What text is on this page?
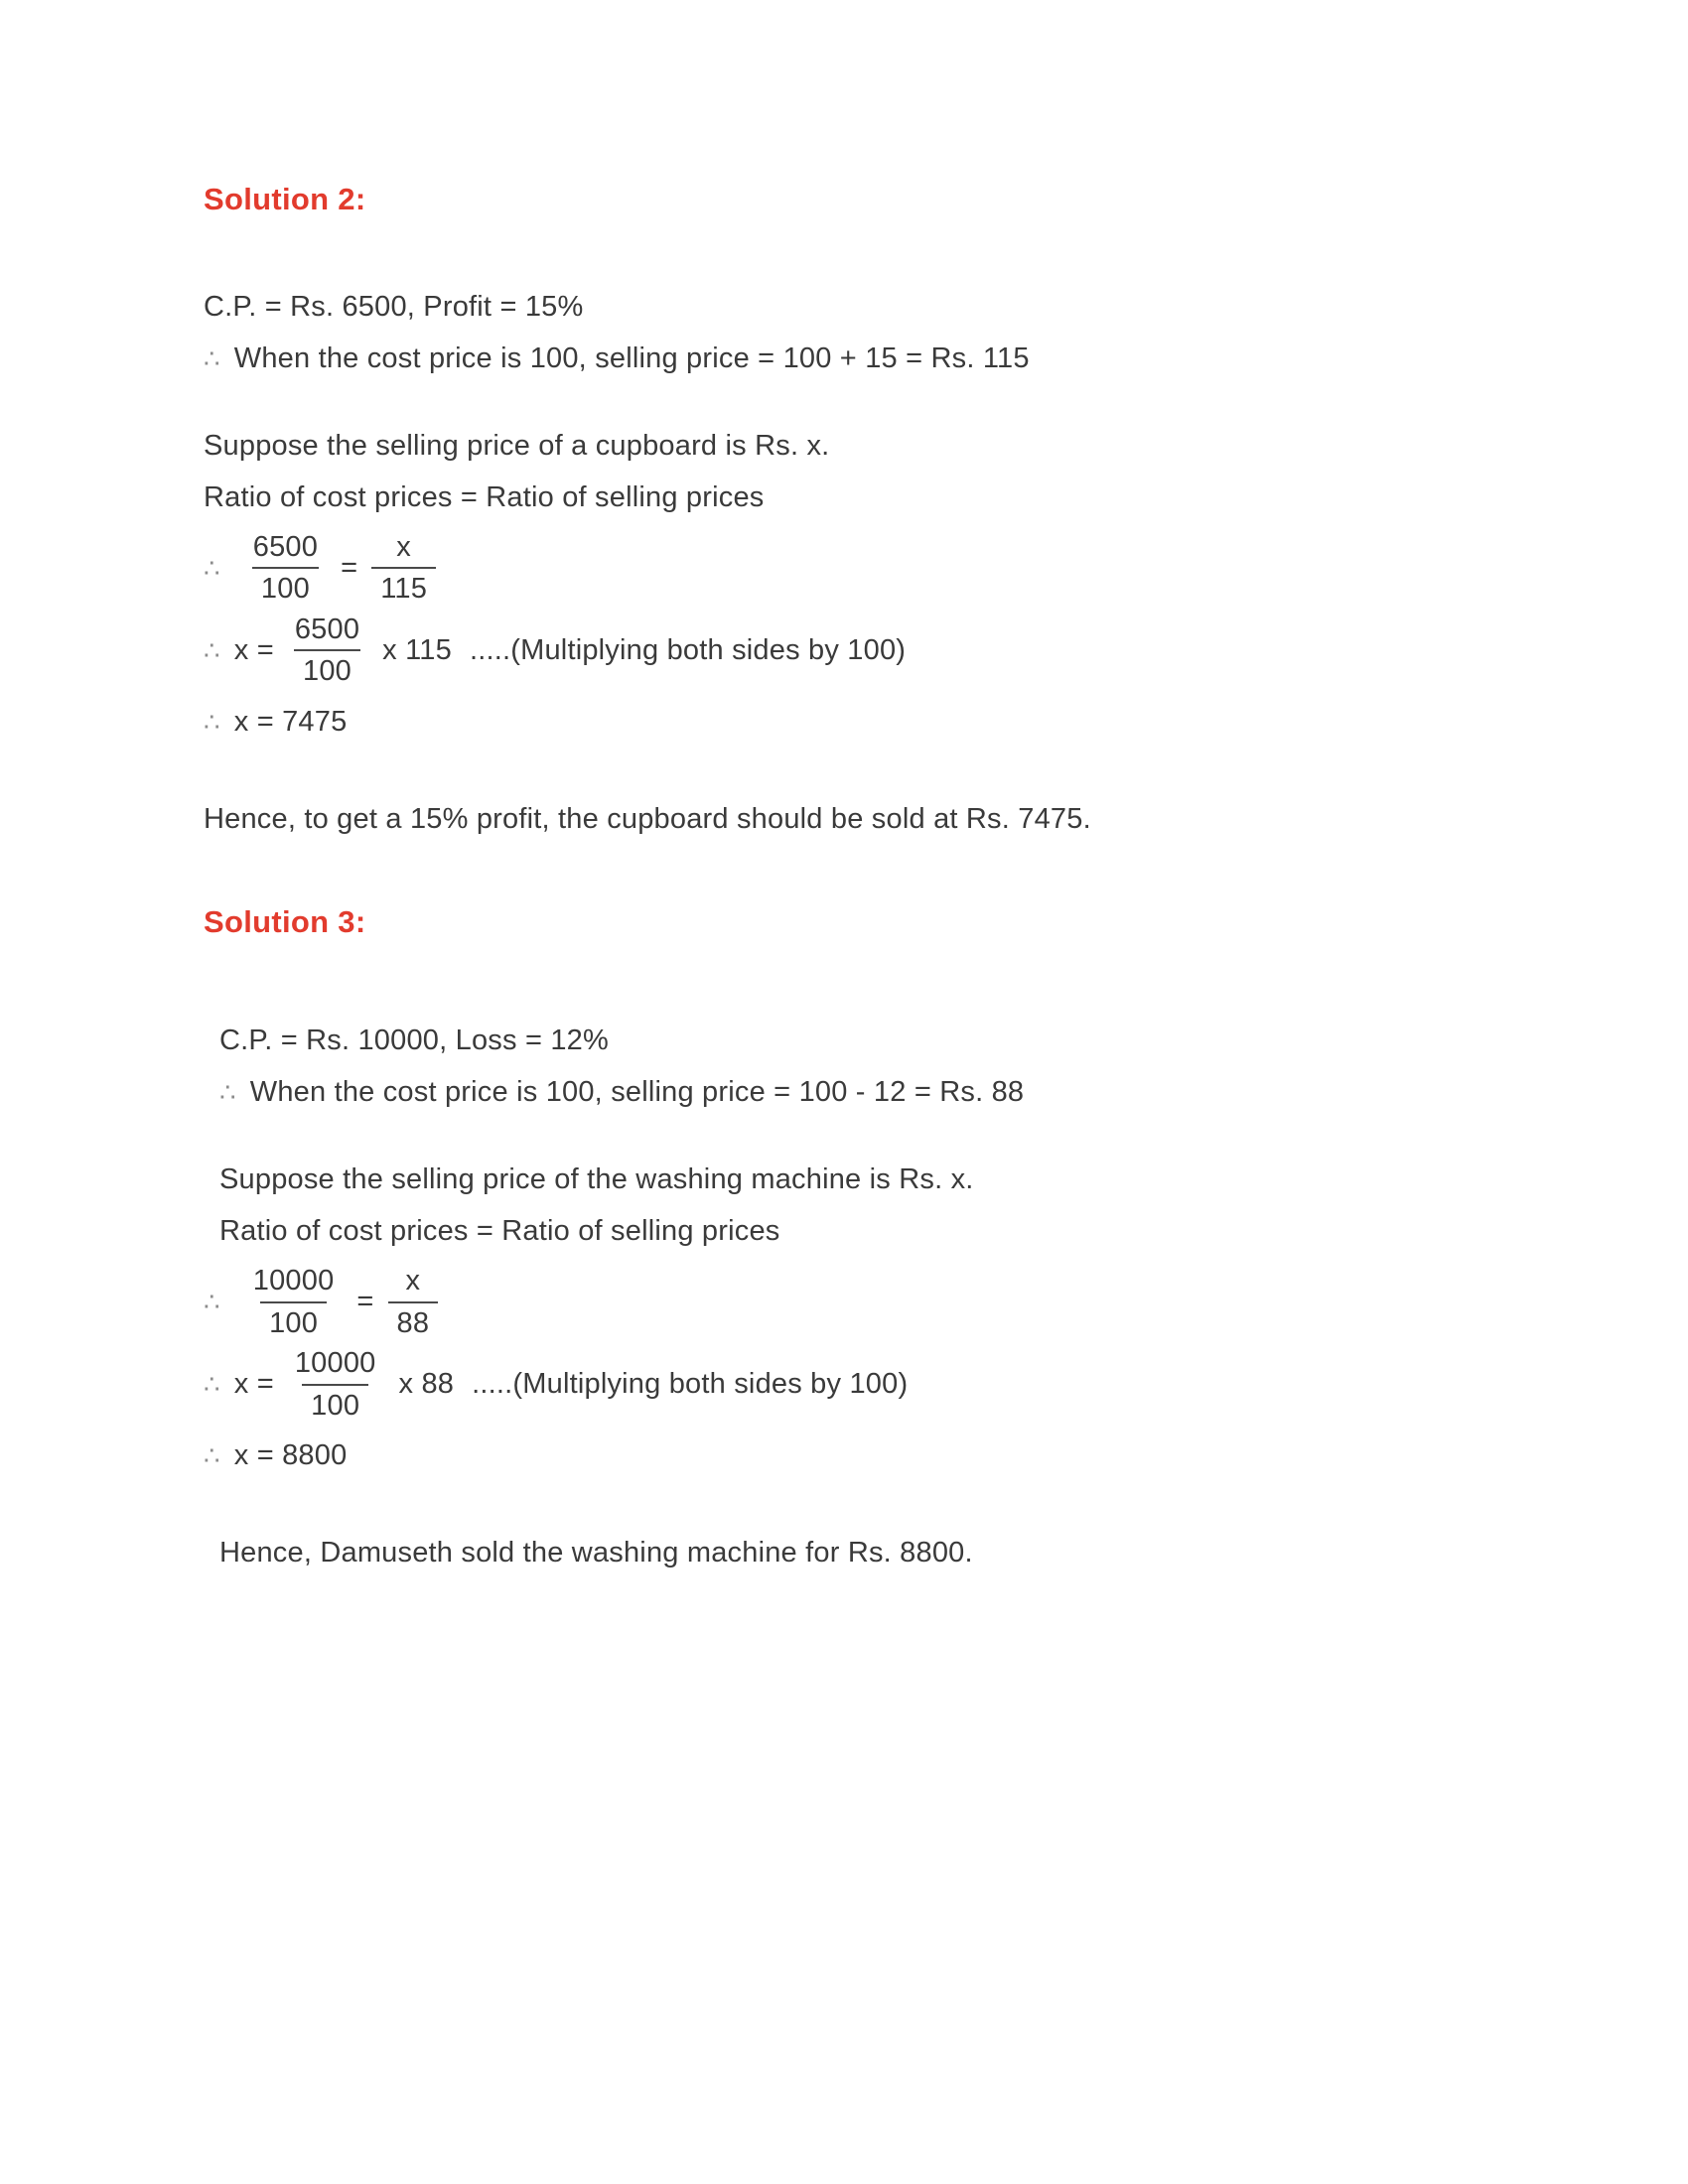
Solution 2:
C.P. = Rs. 6500, Profit = 15%
∴ When the cost price is 100, selling price = 100 + 15 = Rs. 115
Suppose the selling price of a cupboard is Rs. x.
Ratio of cost prices = Ratio of selling prices
∴ $\frac{6500}{100} = \frac{x}{115}$
∴ $x = \frac{6500}{100}$ x 115 .....(Multiplying both sides by 100)
∴ x = 7475
Hence, to get a 15% profit, the cupboard should be sold at Rs. 7475.
Solution 3:
C.P. = Rs. 10000, Loss = 12%
∴ When the cost price is 100, selling price = 100 - 12 = Rs. 88
Suppose the selling price of the washing machine is Rs. x.
Ratio of cost prices = Ratio of selling prices
∴ $\frac{10000}{100} = \frac{x}{88}$
∴ $x = \frac{10000}{100}$ x 88 .....(Multiplying both sides by 100)
∴ x = 8800
Hence, Damuseth sold the washing machine for Rs. 8800.
